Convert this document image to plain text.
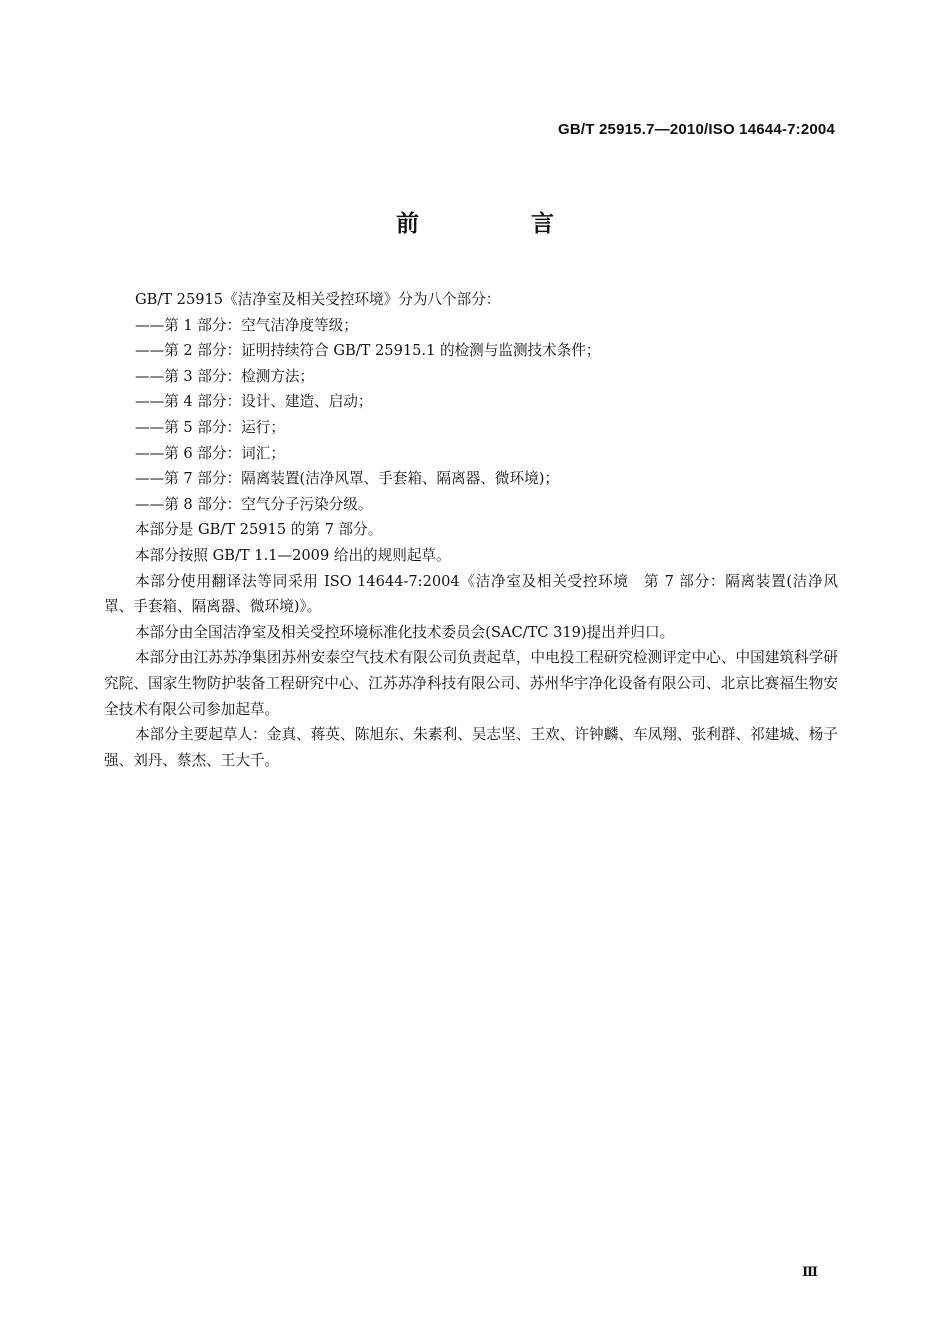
GB/T 25915.7—2010/ISO 14644-7:2004
前 言

GB/T 25915《洁净室及相关受控环境》分为八个部分：

——第 1 部分：空气洁净度等级；

——第 2 部分：证明持续符合 GB/T 25915.1 的检测与监测技术条件；

——第 3 部分：检测方法；

——第 4 部分：设计、建造、启动；

——第 5 部分：运行；

——第 6 部分：词汇；

——第 7 部分：隔离装置(洁净风罩、手套箱、隔离器、微环境)；

——第 8 部分：空气分子污染分级。

本部分是 GB/T 25915 的第 7 部分。

本部分按照 GB/T 1.1—2009 给出的规则起草。

本部分使用翻译法等同采用 ISO 14644-7:2004《洁净室及相关受控环境　第 7 部分：隔离装置(洁净风罩、手套箱、隔离器、微环境)》。

本部分由全国洁净室及相关受控环境标准化技术委员会(SAC/TC 319)提出并归口。

本部分由江苏苏净集团苏州安泰空气技术有限公司负责起草，中电投工程研究检测评定中心、中国建筑科学研究院、国家生物防护装备工程研究中心、江苏苏净科技有限公司、苏州华宇净化设备有限公司、北京比赛福生物安全技术有限公司参加起草。

本部分主要起草人：金真、蒋英、陈旭东、朱素利、吴志坚、王欢、许钟麟、车凤翔、张利群、祁建城、杨子强、刘丹、蔡杰、王大千。

Ⅲ
